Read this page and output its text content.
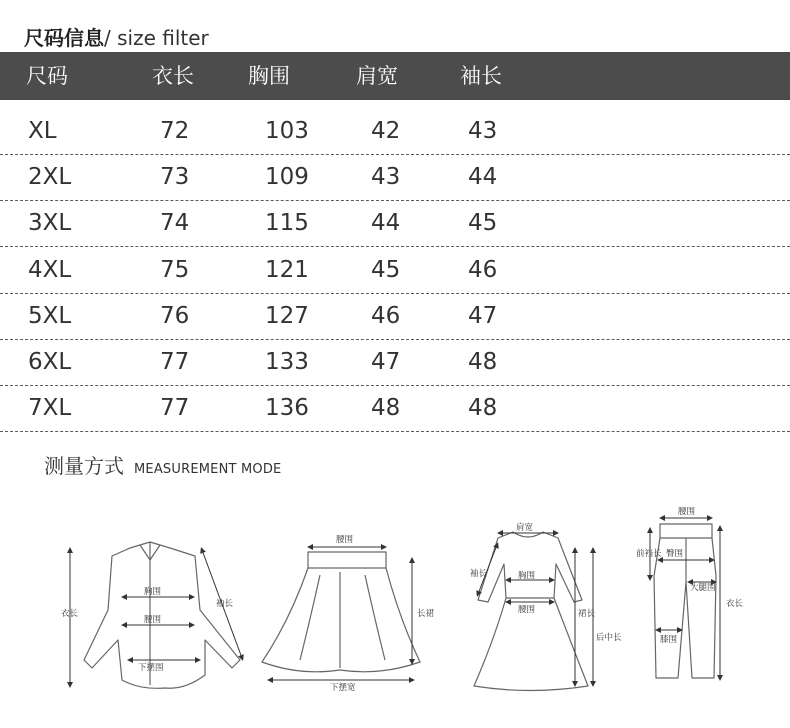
尺码信息/ size filter
尺码	衣长	胸围	肩宽	袖长
XL	72	103	42	43
2XL	73	109	43	44
3XL	74	115	44	45
4XL	75	121	45	46
5XL	76	127	46	47
6XL	77	133	47	48
7XL	77	136	48	48
测量方式 MEASUREMENT MODE
衣长
胸围
腰围
下摆围
袖长
腰围
长裙
下摆宽
肩宽
袖长	胸围
腰围	裙长
后中长
腰围
前裆长 臀围
大腿围
衣长
膝围
